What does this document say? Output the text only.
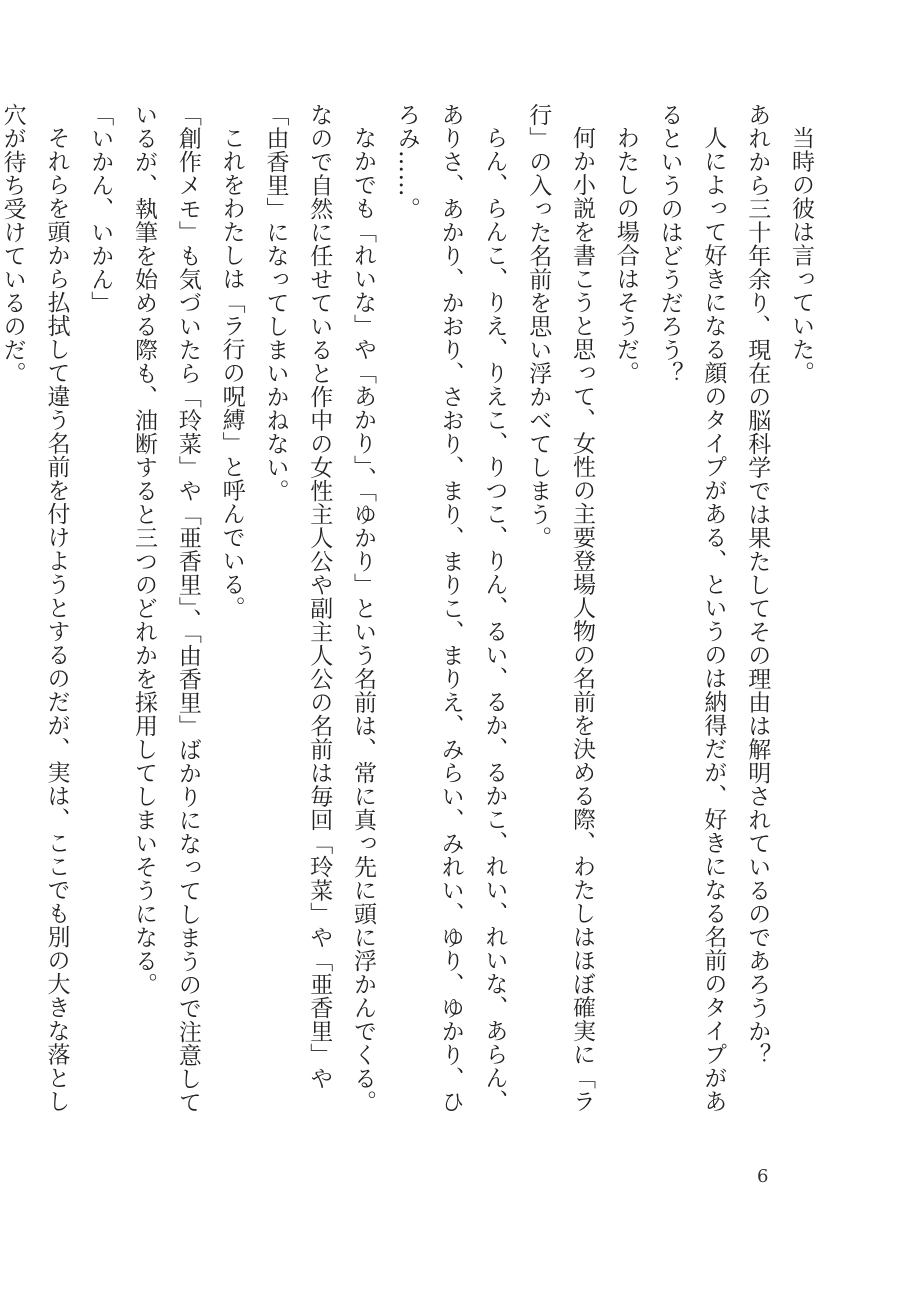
当時の彼は言っていた。
あれから三十年余り、現在の脳科学では果たしてその理由は解明されているのであろうか？
人によって好きになる顔のタイプがある、というのは納得だが、好きになる名前のタイプがあ
るというのはどうだろう？
わたしの場合はそうだ。
何か小説を書こうと思って、女性の主要登場人物の名前を決める際、わたしはほぼ確実に「ラ
行」の入った名前を思い浮かべてしまう。
らん、らんこ、りえ、りえこ、りつこ、りん、るい、るか、るかこ、れい、れいな、あらん、
ありさ、あかり、かおり、さおり、まり、まりこ、まりえ、みらい、みれい、ゆり、ゆかり、ひ
ろみ……。
なかでも「れいな」や「あかり」、「ゆかり」という名前は、常に真っ先に頭に浮かんでくる。
なので自然に任せていると作中の女性主人公や副主人公の名前は毎回「玲菜」や「亜香里」や
「由香里」になってしまいかねない。
これをわたしは「ラ行の呪縛」と呼んでいる。
「創作メモ」も気づいたら「玲菜」や「亜香里」、「由香里」ばかりになってしまうので注意して
いるが、執筆を始める際も、油断すると三つのどれかを採用してしまいそうになる。
「いかん、いかん」
それらを頭から払拭して違う名前を付けようとするのだが、実は、ここでも別の大きな落とし
穴が待ち受けているのだ。
6
